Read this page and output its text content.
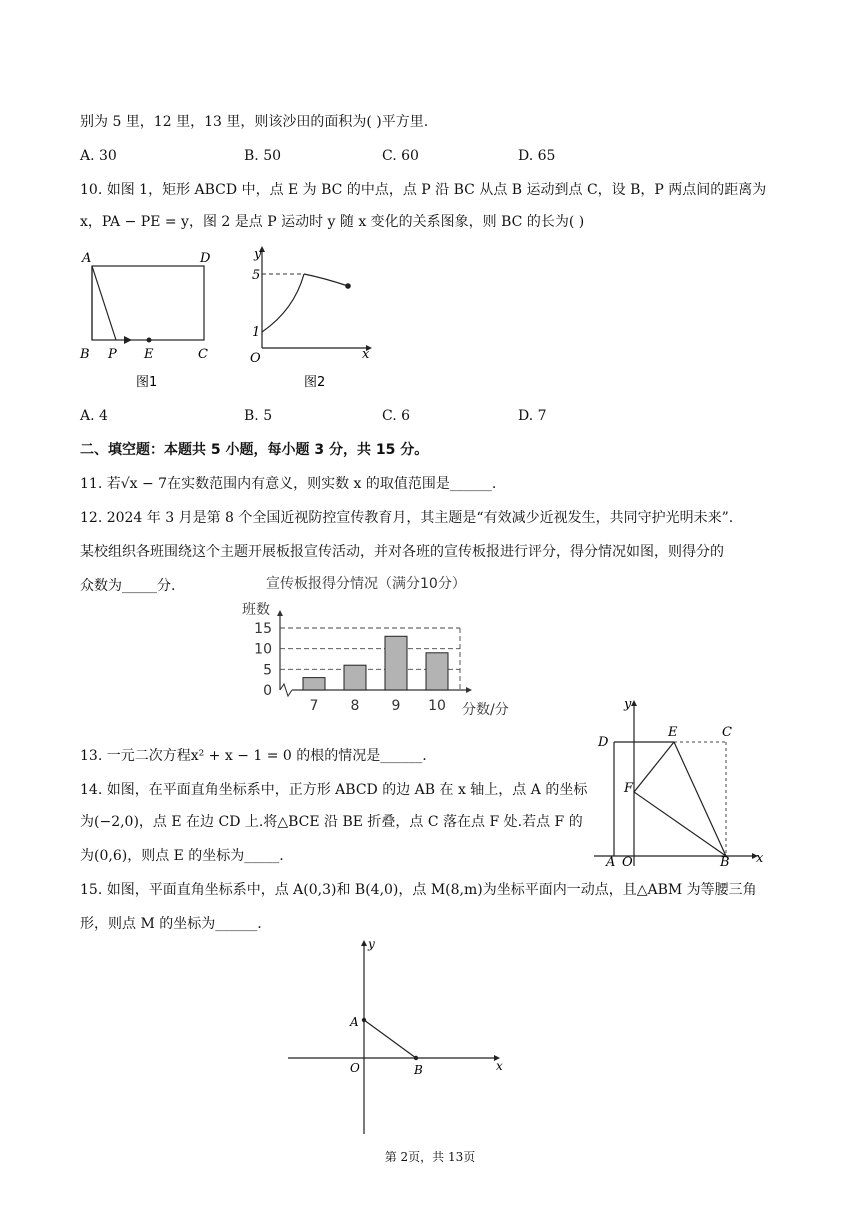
别为 5 里，12 里，13 里，则该沙田的面积为( )平方里.
A. 30	B. 50	C. 60	D. 65
10. 如图 1，矩形 ABCD 中，点 E 为 BC 的中点，点 P 沿 BC 从点 B 运动到点 C，设 B，P 两点间的距离为
x，PA − PE = y，图 2 是点 P 运动时 y 随 x 变化的关系图象，则 BC 的长为( )
A	D
B P E	C
图1
y
x
O
5
1
图2
A. 4	B. 5	C. 6	D. 7
二、填空题：本题共 5 小题，每小题 3 分，共 15 分。
11. 若√x − 7在实数范围内有意义，则实数 x 的取值范围是______.
12. 2024 年 3 月是第 8 个全国近视防控宣传教育月，其主题是“有效减少近视发生，共同守护光明未来”.
某校组织各班围绕这个主题开展板报宣传活动，并对各班的宣传板报进行评分，得分情况如图，则得分的
众数为_____分.	宣传板报得分情况（满分10分）
班数
分数/分
0
5
10
15
7 8 9 10
13. 一元二次方程x² + x − 1 = 0 的根的情况是______.
14. 如图，在平面直角坐标系中，正方形 ABCD 的边 AB 在 x 轴上，点 A 的坐标
为(−2,0)，点 E 在边 CD 上.将△BCE 沿 BE 折叠，点 C 落在点 F 处.若点 F 的
为(0,6)，则点 E 的坐标为_____.
y
x
D
E	C
F
A O	B
15. 如图，平面直角坐标系中，点 A(0,3)和 B(4,0)，点 M(8,m)为坐标平面内一动点，且△ABM 为等腰三角
形，则点 M 的坐标为______.
y
x
A
O	B
第 2页，共 13页
